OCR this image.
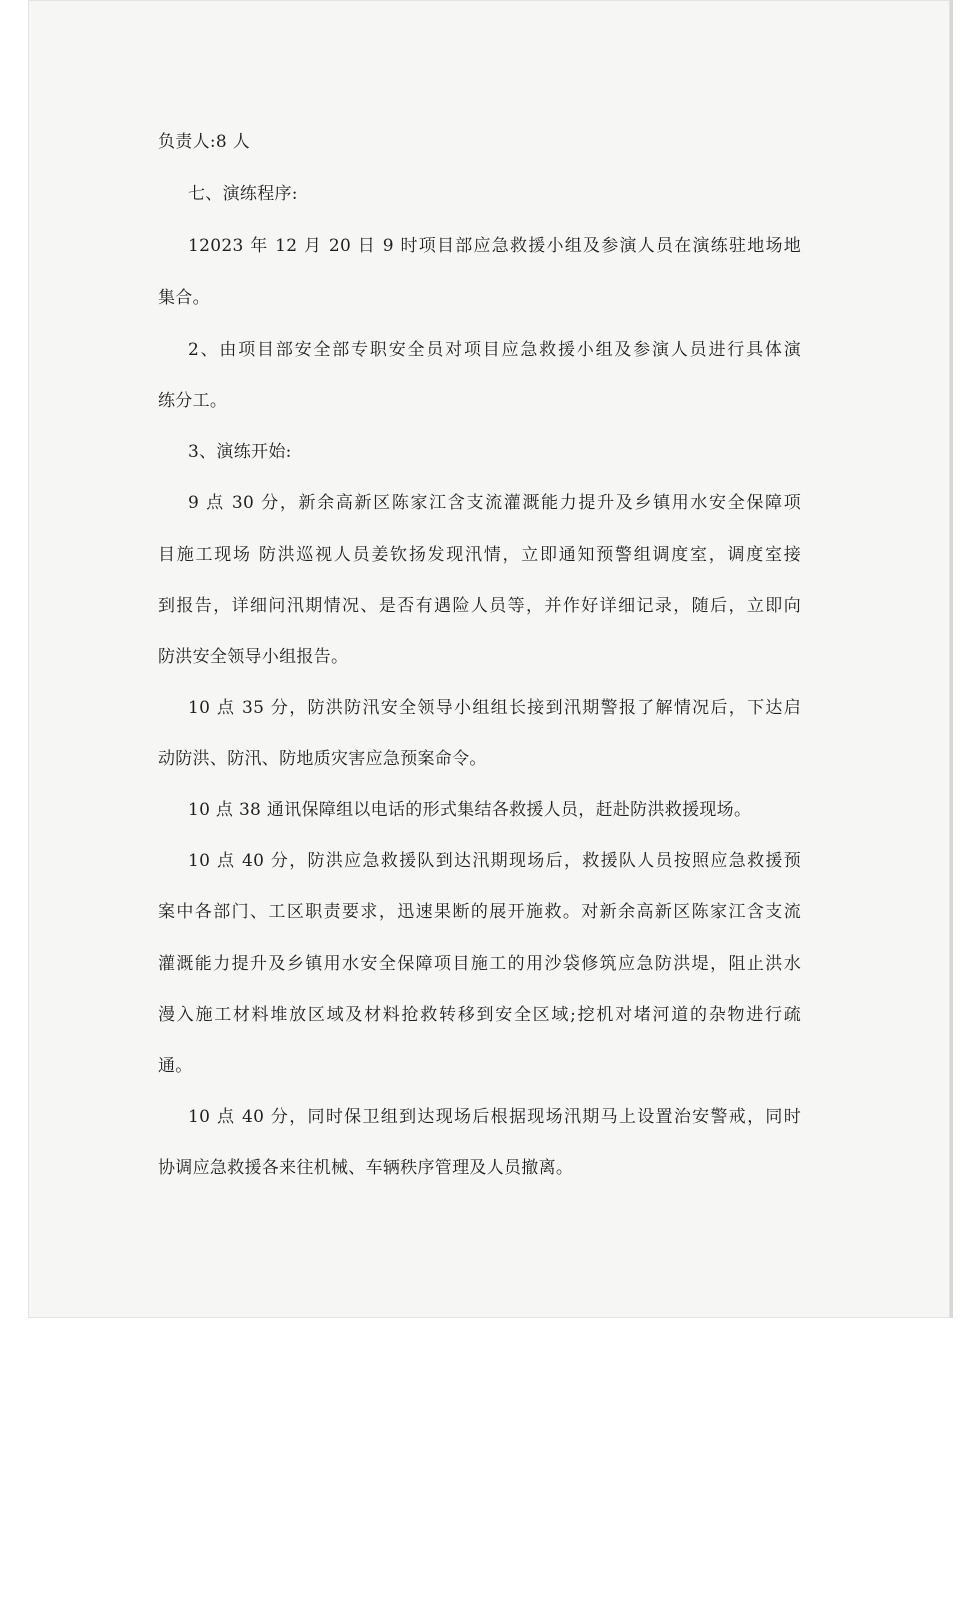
负责人:8 人

七、演练程序:

12023 年 12 月 20 日 9 时项目部应急救援小组及参演人员在演练驻地场地

集合。

2、由项目部安全部专职安全员对项目应急救援小组及参演人员进行具体演

练分工。

3、演练开始:

9 点 30 分，新余高新区陈家江含支流灌溉能力提升及乡镇用水安全保障项

目施工现场 防洪巡视人员姜钦扬发现汛情，立即通知预警组调度室，调度室接

到报告，详细问汛期情况、是否有遇险人员等，并作好详细记录，随后，立即向

防洪安全领导小组报告。

10 点 35 分，防洪防汛安全领导小组组长接到汛期警报了解情况后，下达启

动防洪、防汛、防地质灾害应急预案命令。

10 点 38 通讯保障组以电话的形式集结各救援人员，赶赴防洪救援现场。

10 点 40 分，防洪应急救援队到达汛期现场后，救援队人员按照应急救援预

案中各部门、工区职责要求，迅速果断的展开施救。对新余高新区陈家江含支流

灌溉能力提升及乡镇用水安全保障项目施工的用沙袋修筑应急防洪堤，阻止洪水

漫入施工材料堆放区域及材料抢救转移到安全区域;挖机对堵河道的杂物进行疏

通。

10 点 40 分，同时保卫组到达现场后根据现场汛期马上设置治安警戒，同时

协调应急救援各来往机械、车辆秩序管理及人员撤离。
